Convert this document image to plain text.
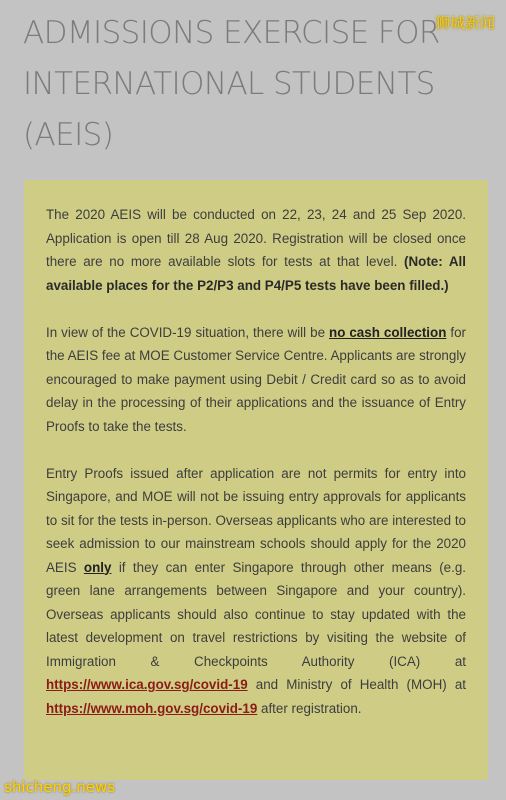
ADMISSIONS EXERCISE FOR INTERNATIONAL STUDENTS (AEIS)
狮城新闻

The 2020 AEIS will be conducted on 22, 23, 24 and 25 Sep 2020. Application is open till 28 Aug 2020. Registration will be closed once there are no more available slots for tests at that level. (Note: All available places for the P2/P3 and P4/P5 tests have been filled.)

In view of the COVID-19 situation, there will be no cash collection for the AEIS fee at MOE Customer Service Centre. Applicants are strongly encouraged to make payment using Debit / Credit card so as to avoid delay in the processing of their applications and the issuance of Entry Proofs to take the tests.

Entry Proofs issued after application are not permits for entry into Singapore, and MOE will not be issuing entry approvals for applicants to sit for the tests in-person. Overseas applicants who are interested to seek admission to our mainstream schools should apply for the 2020 AEIS only if they can enter Singapore through other means (e.g. green lane arrangements between Singapore and your country). Overseas applicants should also continue to stay updated with the latest development on travel restrictions by visiting the website of Immigration & Checkpoints Authority (ICA) at https://www.ica.gov.sg/covid-19 and Ministry of Health (MOH) at https://www.moh.gov.sg/covid-19 after registration.

shicheng.news
